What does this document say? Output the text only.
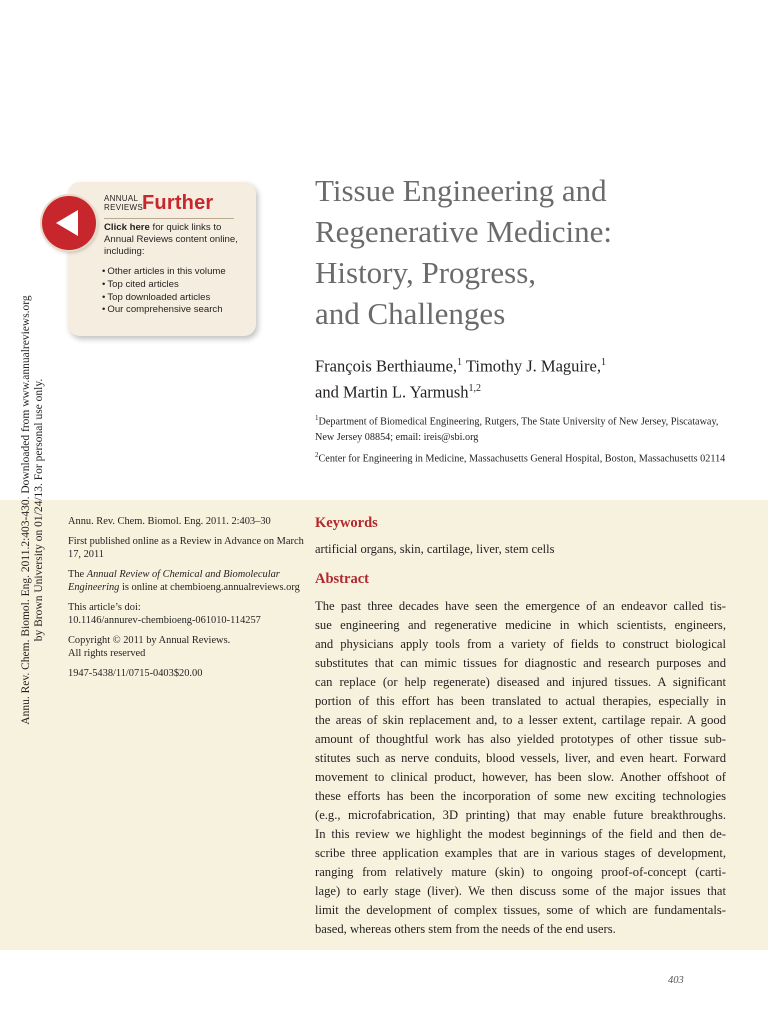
Annu. Rev. Chem. Biomol. Eng. 2011.2:403-430. Downloaded from www.annualreviews.org by Brown University on 01/24/13. For personal use only.
ANNUAL
REVIEWS Further
Click here for quick links to Annual Reviews content online, including:
• Other articles in this volume
• Top cited articles
• Top downloaded articles
• Our comprehensive search
Tissue Engineering and
Regenerative Medicine:
History, Progress,
and Challenges
François Berthiaume,$^1$ Timothy J. Maguire,$^1$
and Martin L. Yarmush$^{1,2}$

$^1$Department of Biomedical Engineering, Rutgers, The State University of New Jersey, Piscataway, New Jersey 08854; email: ireis@sbi.org

$^2$Center for Engineering in Medicine, Massachusetts General Hospital, Boston, Massachusetts 02114

Annu. Rev. Chem. Biomol. Eng. 2011. 2:403–30

First published online as a Review in Advance on March 17, 2011

The Annual Review of Chemical and Biomolecular Engineering is online at chembioeng.annualreviews.org

This article’s doi:
10.1146/annurev-chembioeng-061010-114257

Copyright © 2011 by Annual Reviews.
All rights reserved

1947-5438/11/0715-0403$20.00

Keywords
artificial organs, skin, cartilage, liver, stem cells
Abstract
The past three decades have seen the emergence of an endeavor called tis-
sue engineering and regenerative medicine in which scientists, engineers,
and physicians apply tools from a variety of fields to construct biological
substitutes that can mimic tissues for diagnostic and research purposes and
can replace (or help regenerate) diseased and injured tissues. A significant
portion of this effort has been translated to actual therapies, especially in
the areas of skin replacement and, to a lesser extent, cartilage repair. A good
amount of thoughtful work has also yielded prototypes of other tissue sub-
stitutes such as nerve conduits, blood vessels, liver, and even heart. Forward
movement to clinical product, however, has been slow. Another offshoot of
these efforts has been the incorporation of some new exciting technologies
(e.g., microfabrication, 3D printing) that may enable future breakthroughs.
In this review we highlight the modest beginnings of the field and then de-
scribe three application examples that are in various stages of development,
ranging from relatively mature (skin) to ongoing proof-of-concept (carti-
lage) to early stage (liver). We then discuss some of the major issues that
limit the development of complex tissues, some of which are fundamentals-
based, whereas others stem from the needs of the end users.
403
